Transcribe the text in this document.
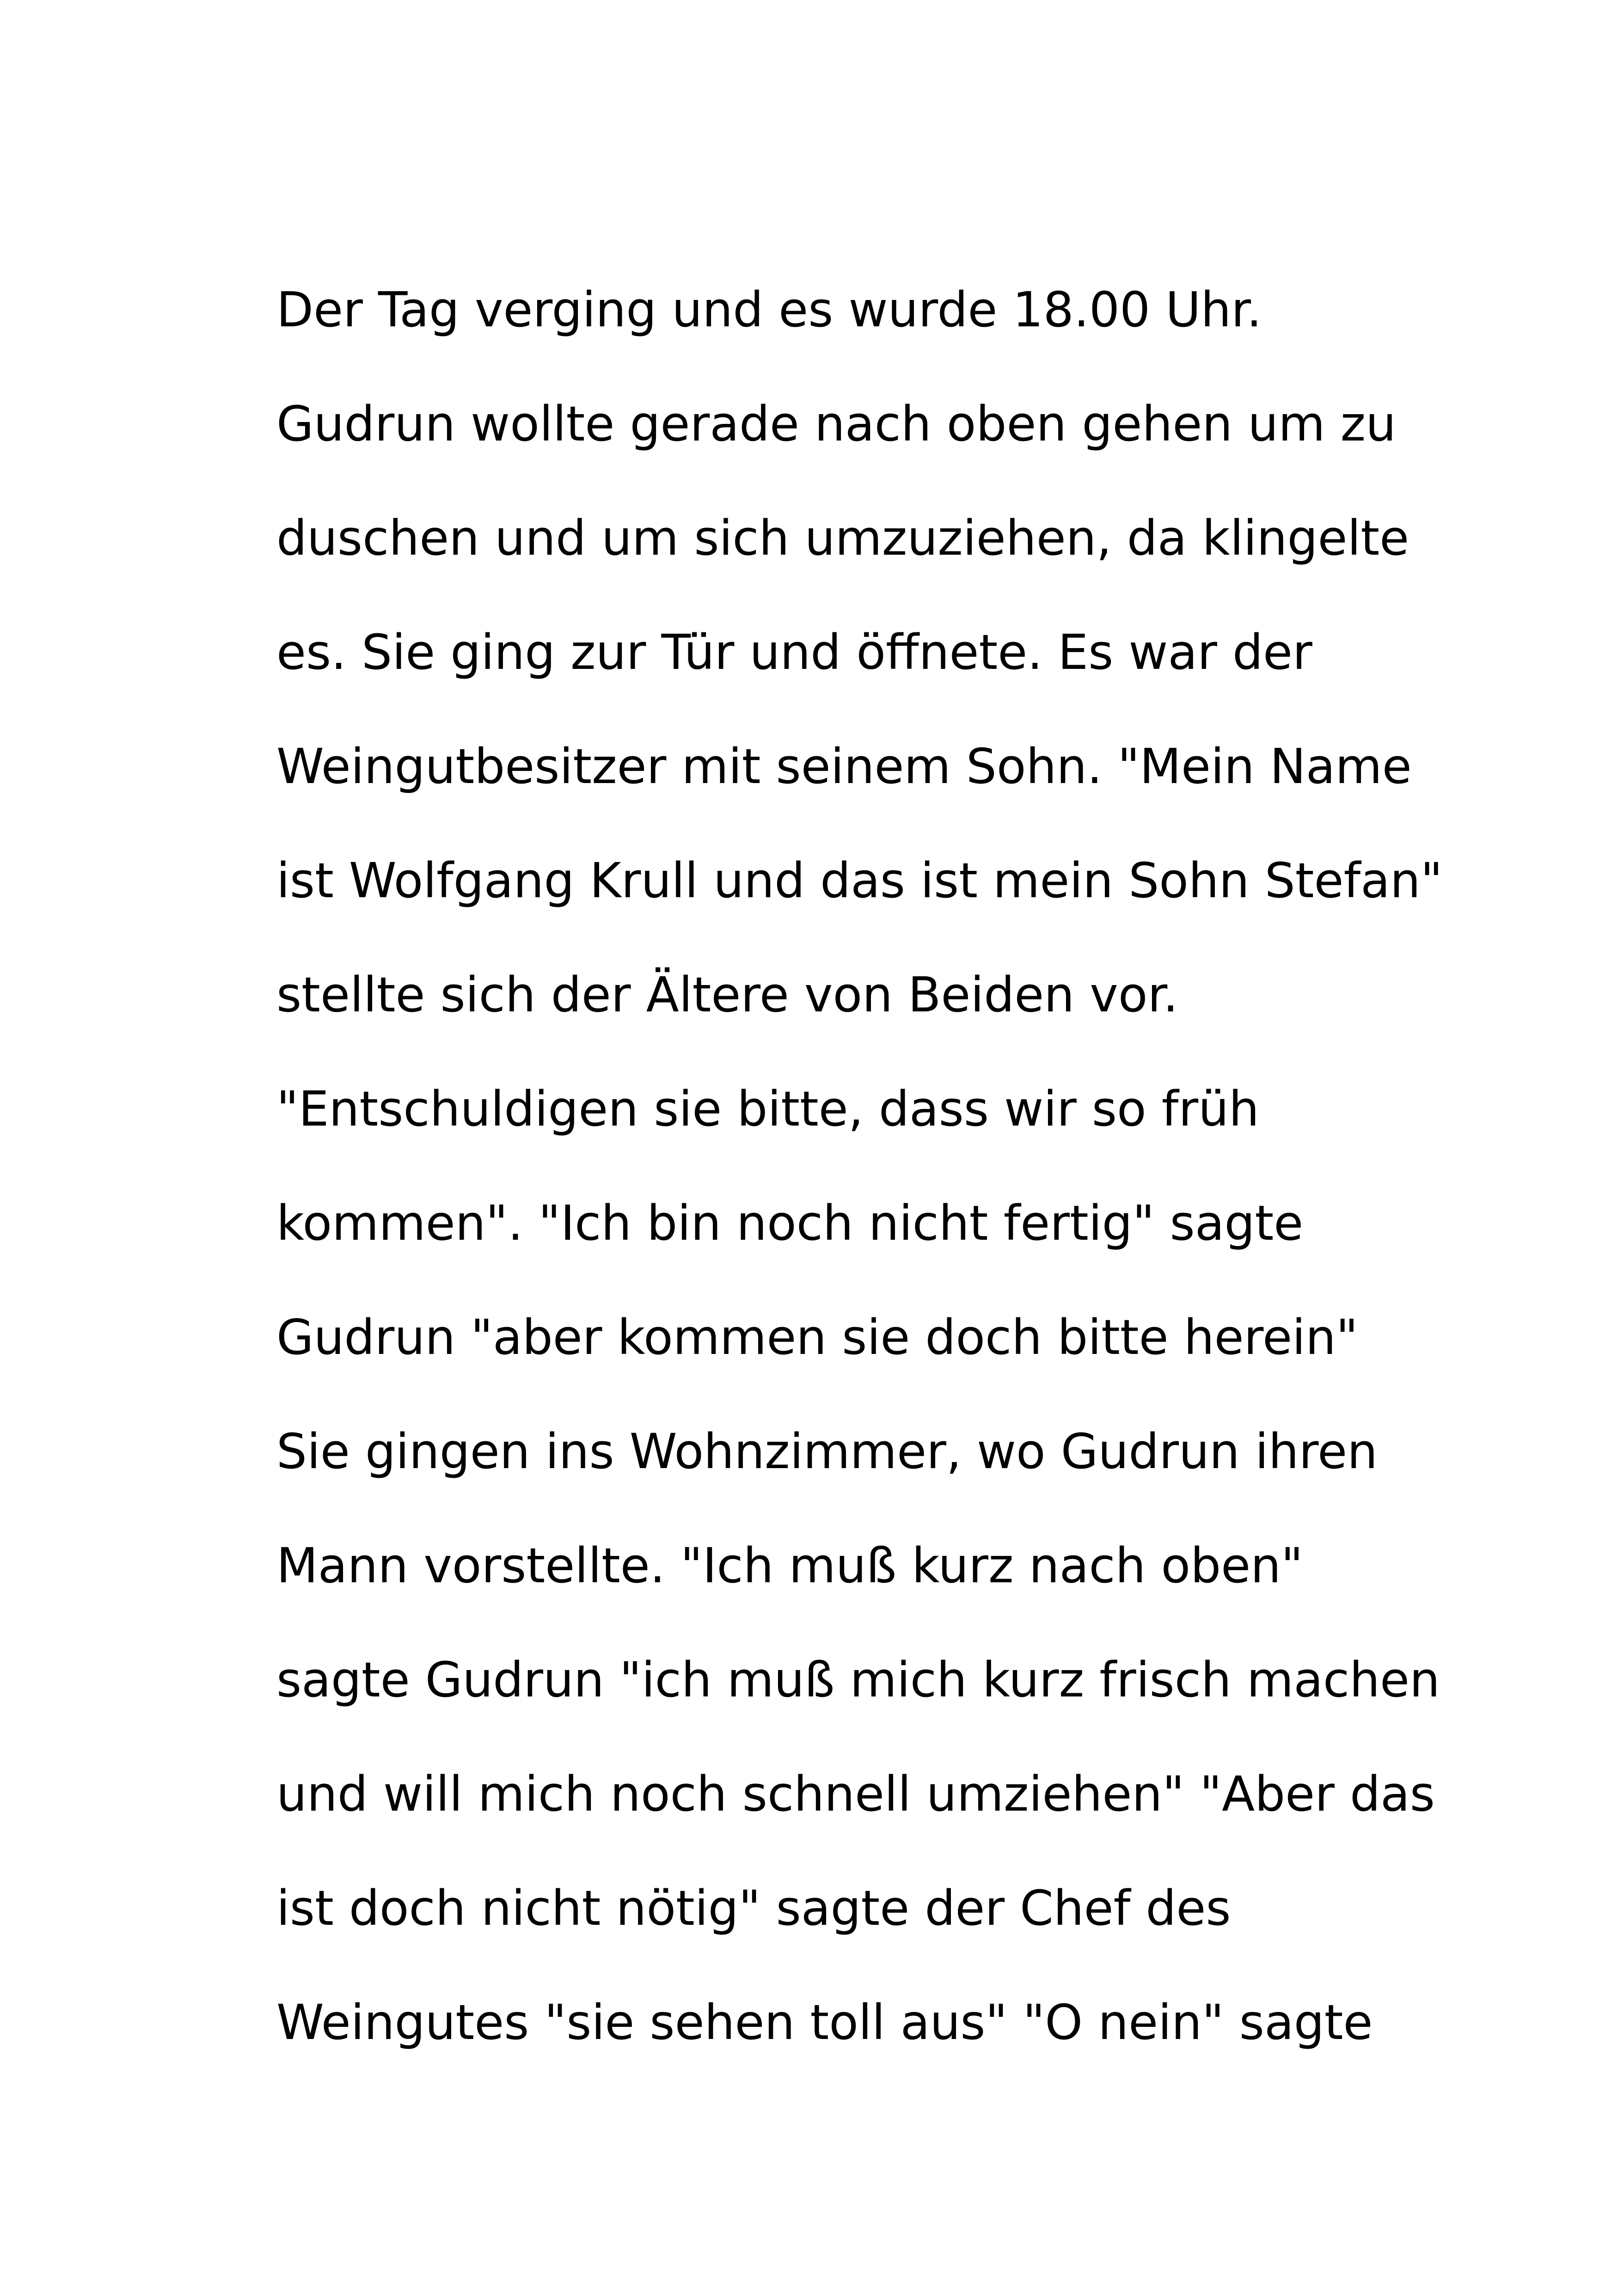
Der Tag verging und es wurde 18.00 Uhr.
Gudrun wollte gerade nach oben gehen um zu
duschen und um sich umzuziehen, da klingelte
es. Sie ging zur Tür und öffnete. Es war der
Weingutbesitzer mit seinem Sohn. "Mein Name
ist Wolfgang Krull und das ist mein Sohn Stefan"
stellte sich der Ältere von Beiden vor.
"Entschuldigen sie bitte, dass wir so früh
kommen". "Ich bin noch nicht fertig" sagte
Gudrun "aber kommen sie doch bitte herein"
Sie gingen ins Wohnzimmer, wo Gudrun ihren
Mann vorstellte. "Ich muß kurz nach oben"
sagte Gudrun "ich muß mich kurz frisch machen
und will mich noch schnell umziehen" "Aber das
ist doch nicht nötig" sagte der Chef des
Weingutes "sie sehen toll aus" "O nein" sagte
